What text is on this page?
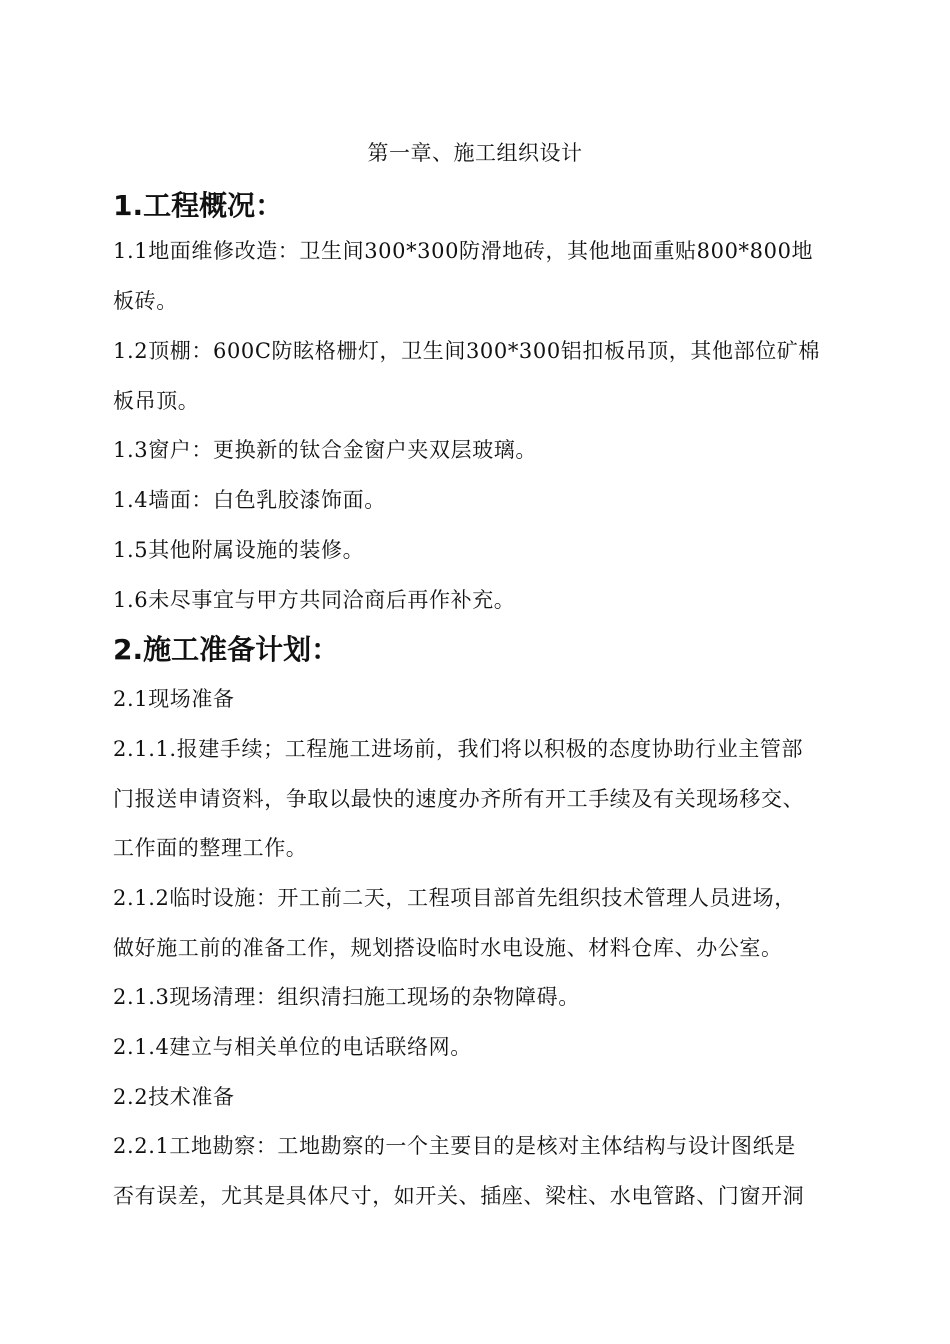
第一章、施工组织设计
1.工程概况：
1.1地面维修改造：卫生间300*300防滑地砖，其他地面重贴800*800地
板砖。
1.2顶棚：600C防眩格栅灯，卫生间300*300铝扣板吊顶，其他部位矿棉
板吊顶。
1.3窗户：更换新的钛合金窗户夹双层玻璃。
1.4墙面：白色乳胶漆饰面。
1.5其他附属设施的装修。
1.6未尽事宜与甲方共同洽商后再作补充。
2.施工准备计划：
2.1现场准备
2.1.1.报建手续；工程施工进场前，我们将以积极的态度协助行业主管部
门报送申请资料，争取以最快的速度办齐所有开工手续及有关现场移交、
工作面的整理工作。
2.1.2临时设施：开工前二天，工程项目部首先组织技术管理人员进场，
做好施工前的准备工作，规划搭设临时水电设施、材料仓库、办公室。
2.1.3现场清理：组织清扫施工现场的杂物障碍。
2.1.4建立与相关单位的电话联络网。
2.2技术准备
2.2.1工地勘察：工地勘察的一个主要目的是核对主体结构与设计图纸是
否有误差，尤其是具体尺寸，如开关、插座、梁柱、水电管路、门窗开洞
